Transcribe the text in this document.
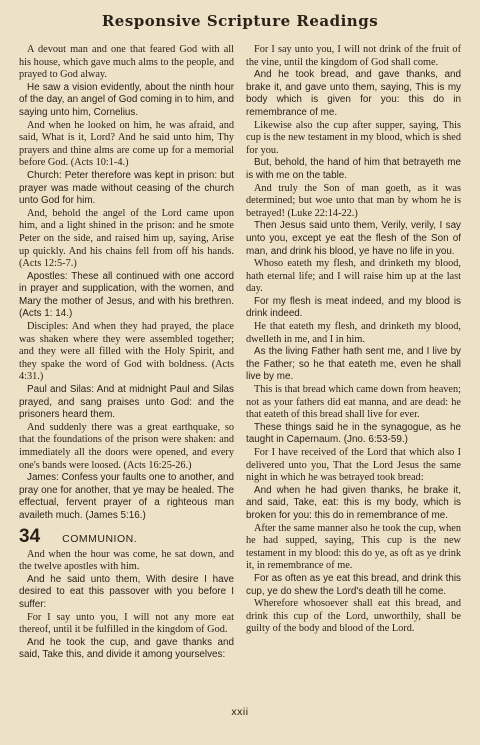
Responsive Scripture Readings

A devout man and one that feared God with all his house, which gave much alms to the people, and prayed to God alway.

He saw a vision evidently, about the ninth hour of the day, an angel of God coming in to him, and saying unto him, Cornelius.

And when he looked on him, he was afraid, and said, What is it, Lord? And he said unto him, Thy prayers and thine alms are come up for a memorial before God. (Acts 10:1-4.)

Church: Peter therefore was kept in prison: but prayer was made without ceasing of the church unto God for him.

And, behold the angel of the Lord came upon him, and a light shined in the prison: and he smote Peter on the side, and raised him up, saying, Arise up quickly. And his chains fell from off his hands. (Acts 12:5-7.)

Apostles: These all continued with one accord in prayer and supplication, with the women, and Mary the mother of Jesus, and with his brethren. (Acts 1: 14.)

Disciples: And when they had prayed, the place was shaken where they were assembled together; and they were all filled with the Holy Spirit, and they spake the word of God with boldness. (Acts 4:31.)

Paul and Silas: And at midnight Paul and Silas prayed, and sang praises unto God: and the prisoners heard them.

And suddenly there was a great earthquake, so that the foundations of the prison were shaken: and immediately all the doors were opened, and every one's bands were loosed. (Acts 16:25-26.)

James: Confess your faults one to another, and pray one for another, that ye may be healed. The effectual, fervent prayer of a righteous man availeth much. (James 5:16.)

34 COMMUNION.

And when the hour was come, he sat down, and the twelve apostles with him.

And he said unto them, With desire I have desired to eat this passover with you before I suffer:

For I say unto you, I will not any more eat thereof, until it be fulfilled in the kingdom of God.

And he took the cup, and gave thanks and said, Take this, and divide it among yourselves:

For I say unto you, I will not drink of the fruit of the vine, until the kingdom of God shall come.

And he took bread, and gave thanks, and brake it, and gave unto them, saying, This is my body which is given for you: this do in remembrance of me.

Likewise also the cup after supper, saying, This cup is the new testament in my blood, which is shed for you.

But, behold, the hand of him that betrayeth me is with me on the table.

And truly the Son of man goeth, as it was determined; but woe unto that man by whom he is betrayed! (Luke 22:14-22.)

Then Jesus said unto them, Verily, verily, I say unto you, except ye eat the flesh of the Son of man, and drink his blood, ye have no life in you.

Whoso eateth my flesh, and drinketh my blood, hath eternal life; and I will raise him up at the last day.

For my flesh is meat indeed, and my blood is drink indeed.

He that eateth my flesh, and drinketh my blood, dwelleth in me, and I in him.

As the living Father hath sent me, and I live by the Father; so he that eateth me, even he shall live by me.

This is that bread which came down from heaven; not as your fathers did eat manna, and are dead: he that eateth of this bread shall live for ever.

These things said he in the synagogue, as he taught in Capernaum. (Jno. 6:53-59.)

For I have received of the Lord that which also I delivered unto you, That the Lord Jesus the same night in which he was betrayed took bread:

And when he had given thanks, he brake it, and said, Take, eat: this is my body, which is broken for you: this do in remembrance of me.

After the same manner also he took the cup, when he had supped, saying, This cup is the new testament in my blood: this do ye, as oft as ye drink it, in remembrance of me.

For as often as ye eat this bread, and drink this cup, ye do shew the Lord's death till he come.

Wherefore whosoever shall eat this bread, and drink this cup of the Lord, unworthily, shall be guilty of the body and blood of the Lord.

xxii
